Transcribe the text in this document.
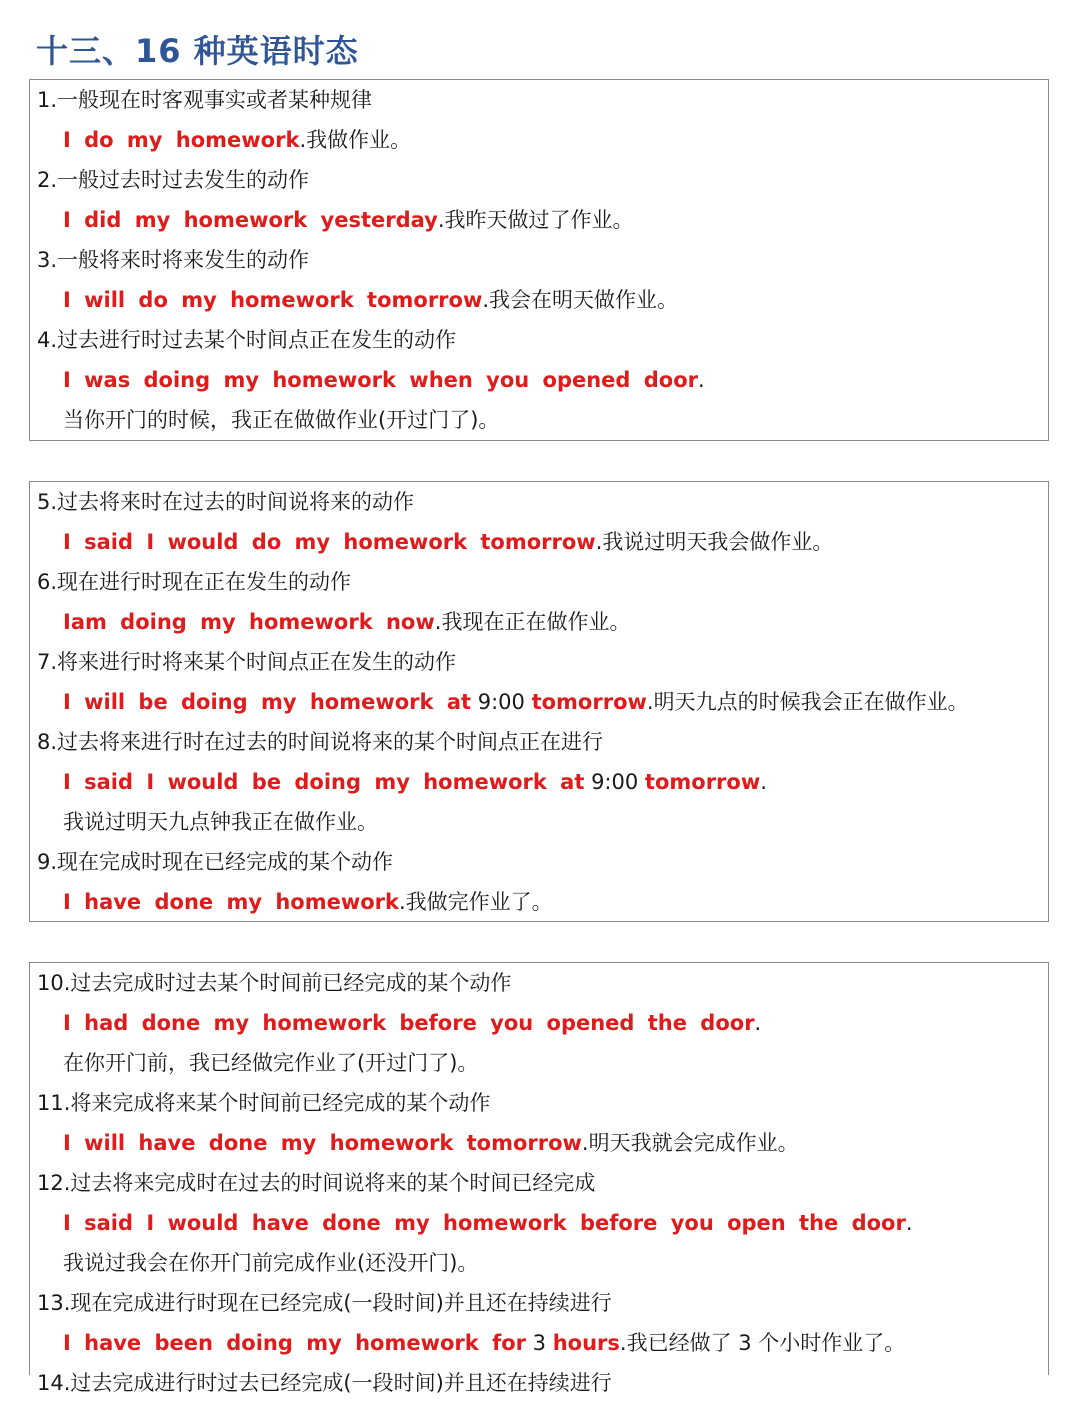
十三、16 种英语时态
1.一般现在时客观事实或者某种规律
I do my homework.我做作业。
2.一般过去时过去发生的动作
I did my homework yesterday.我昨天做过了作业。
3.一般将来时将来发生的动作
I will do my homework tomorrow.我会在明天做作业。
4.过去进行时过去某个时间点正在发生的动作
I was doing my homework when you opened door.
当你开门的时候，我正在做做作业(开过门了)。
5.过去将来时在过去的时间说将来的动作
I said I would do my homework tomorrow.我说过明天我会做作业。
6.现在进行时现在正在发生的动作
Iam doing my homework now.我现在正在做作业。
7.将来进行时将来某个时间点正在发生的动作
I will be doing my homework at 9:00 tomorrow.明天九点的时候我会正在做作业。
8.过去将来进行时在过去的时间说将来的某个时间点正在进行
I said I would be doing my homework at 9:00 tomorrow.
我说过明天九点钟我正在做作业。
9.现在完成时现在已经完成的某个动作
I have done my homework.我做完作业了。
10.过去完成时过去某个时间前已经完成的某个动作
I had done my homework before you opened the door.
在你开门前，我已经做完作业了(开过门了)。
11.将来完成将来某个时间前已经完成的某个动作
I will have done my homework tomorrow.明天我就会完成作业。
12.过去将来完成时在过去的时间说将来的某个时间已经完成
I said I would have done my homework before you open the door.
我说过我会在你开门前完成作业(还没开门)。
13.现在完成进行时现在已经完成(一段时间)并且还在持续进行
I have been doing my homework for 3 hours.我已经做了 3 个小时作业了。
14.过去完成进行时过去已经完成(一段时间)并且还在持续进行
